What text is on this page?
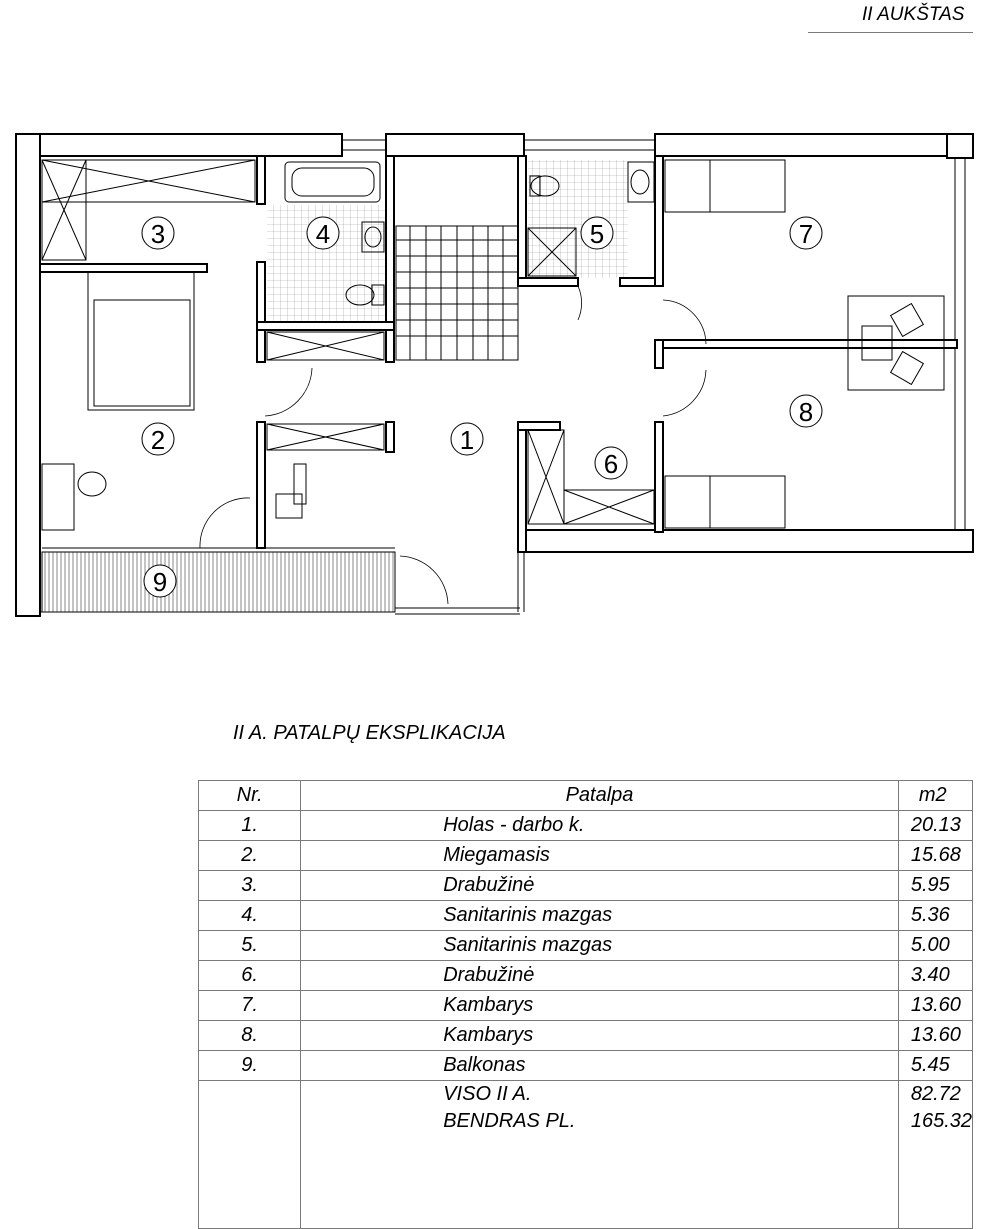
II AUKŠTAS
1
2
3	4	5
6
7
8
9
II A. PATALPŲ EKSPLIKACIJA
Nr.	Patalpa	m2
1.	Holas - darbo k.	20.13
2.	Miegamasis	15.68
3.	Drabužinė	5.95
4.	Sanitarinis mazgas	5.36
5.	Sanitarinis mazgas	5.00
6.	Drabužinė	3.40
7.	Kambarys	13.60
8.	Kambarys	13.60
9.	Balkonas	5.45
	VISO II A.	82.72
	BENDRAS PL.	165.32
